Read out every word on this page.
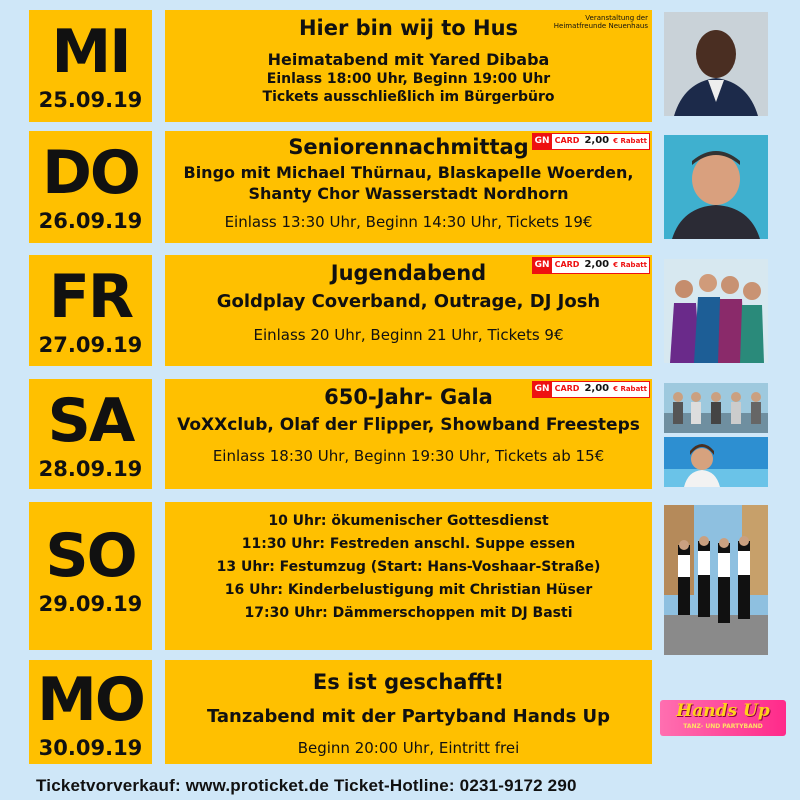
MI
25.09.19
DO
26.09.19
FR
27.09.19
SA
28.09.19
SO
29.09.19
MO
30.09.19
Veranstaltung der
Heimatfreunde Neuenhaus
Hier bin wij to Hus
Heimatabend mit Yared Dibaba
Einlass 18:00 Uhr, Beginn 19:00 Uhr
Tickets ausschließlich im Bürgerbüro
GN CARD 2,00 € Rabatt
Seniorennachmittag
Bingo mit Michael Thürnau, Blaskapelle Woerden,
Shanty Chor Wasserstadt Nordhorn
Einlass 13:30 Uhr, Beginn 14:30 Uhr, Tickets 19€
GN CARD 2,00 € Rabatt
Jugendabend
Goldplay Coverband, Outrage, DJ Josh
Einlass 20 Uhr, Beginn 21 Uhr, Tickets 9€
GN CARD 2,00 € Rabatt
650-Jahr- Gala
VoXXclub, Olaf der Flipper, Showband Freesteps
Einlass 18:30 Uhr, Beginn 19:30 Uhr, Tickets ab 15€
10 Uhr: ökumenischer Gottesdienst
11:30 Uhr: Festreden anschl. Suppe essen
13 Uhr: Festumzug (Start: Hans-Voshaar-Straße)
16 Uhr: Kinderbelustigung mit Christian Hüser
17:30 Uhr: Dämmerschoppen mit DJ Basti
Es ist geschafft!
Tanzabend mit der Partyband Hands Up
Beginn 20:00 Uhr, Eintritt frei
Hands Up
TANZ- UND PARTYBAND
Ticketvorverkauf: www.proticket.de Ticket-Hotline: 0231-9172 290
